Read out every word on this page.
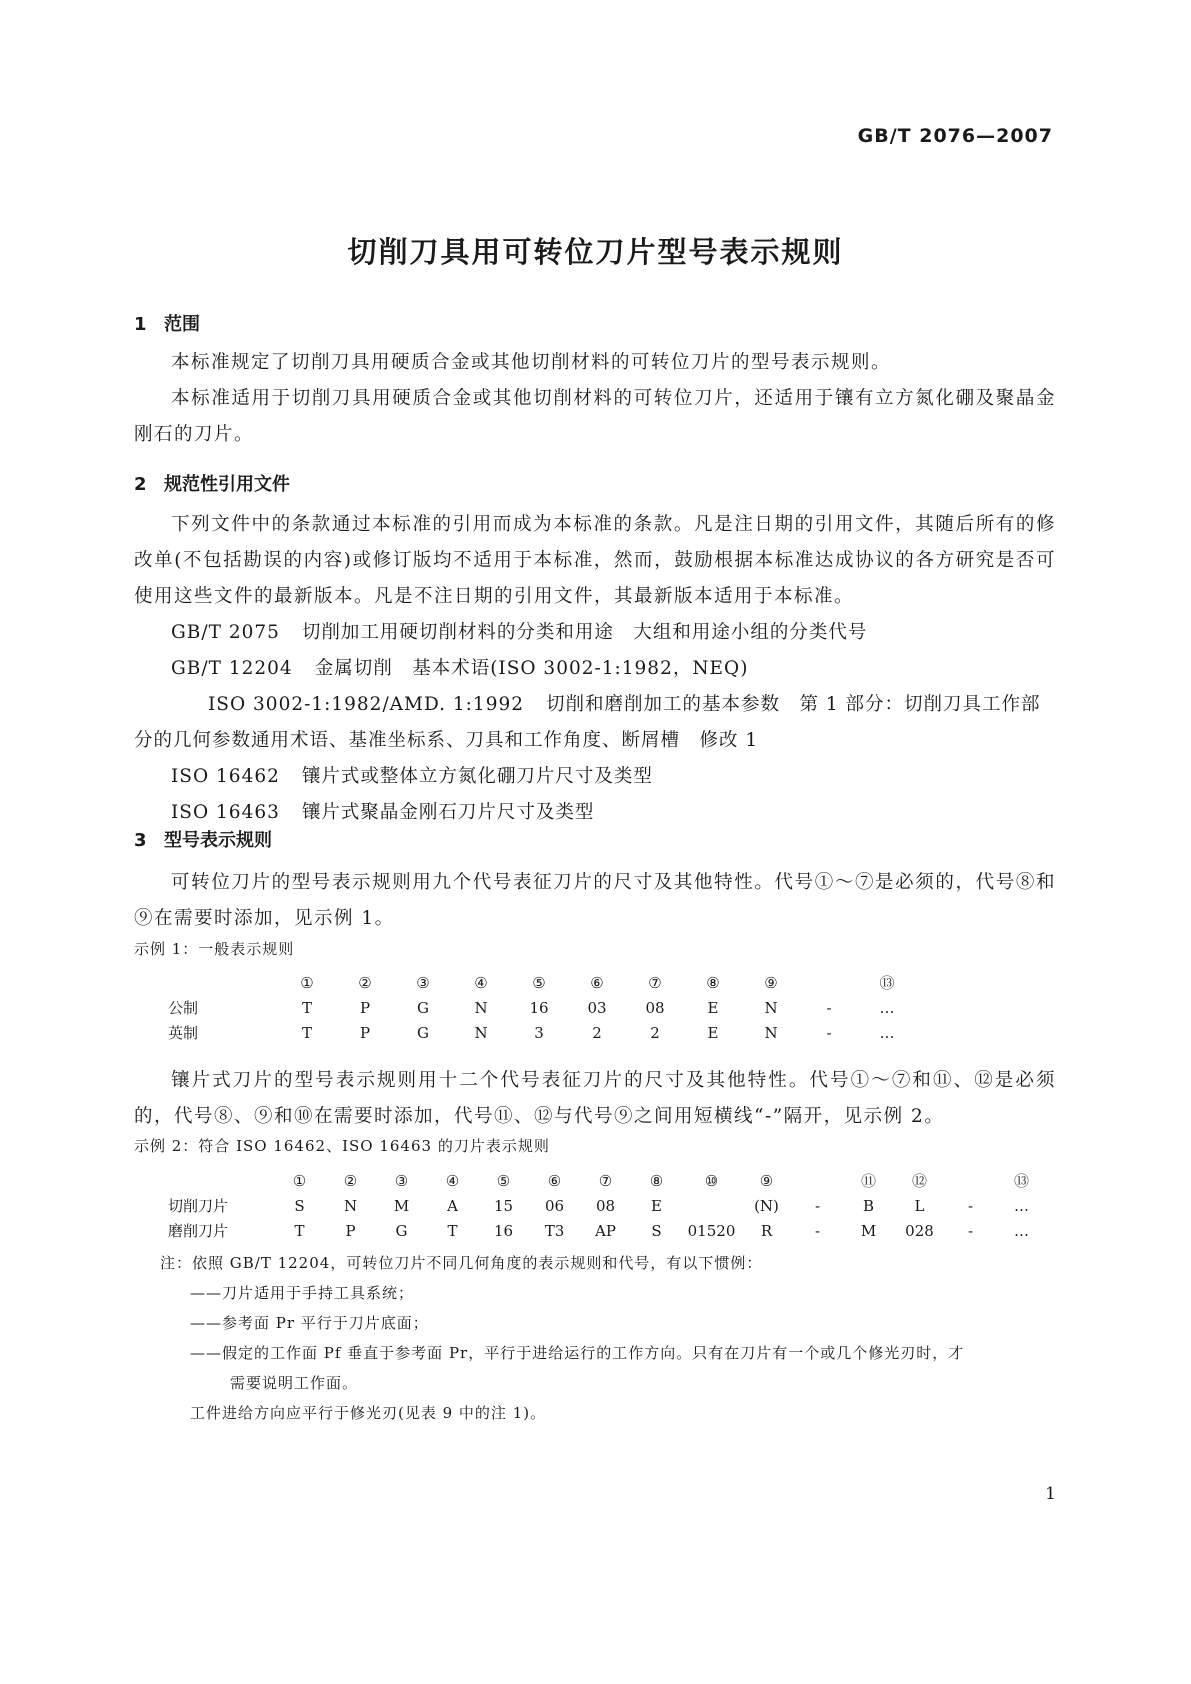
GB/T 2076—2007
切削刀具用可转位刀片型号表示规则
1 范围

本标准规定了切削刀具用硬质合金或其他切削材料的可转位刀片的型号表示规则。

本标准适用于切削刀具用硬质合金或其他切削材料的可转位刀片，还适用于镶有立方氮化硼及聚晶金刚石的刀片。

2 规范性引用文件

下列文件中的条款通过本标准的引用而成为本标准的条款。凡是注日期的引用文件，其随后所有的修改单(不包括勘误的内容)或修订版均不适用于本标准，然而，鼓励根据本标准达成协议的各方研究是否可使用这些文件的最新版本。凡是不注日期的引用文件，其最新版本适用于本标准。

GB/T 2075 切削加工用硬切削材料的分类和用途　大组和用途小组的分类代号

GB/T 12204 金属切削　基本术语(ISO 3002-1:1982，NEQ)

ISO 3002-1:1982/AMD. 1:1992 切削和磨削加工的基本参数　第 1 部分：切削刀具工作部分的几何参数通用术语、基准坐标系、刀具和工作角度、断屑槽　修改 1

ISO 16462 镶片式或整体立方氮化硼刀片尺寸及类型

ISO 16463 镶片式聚晶金刚石刀片尺寸及类型

3 型号表示规则

可转位刀片的型号表示规则用九个代号表征刀片的尺寸及其他特性。代号①～⑦是必须的，代号⑧和⑨在需要时添加，见示例 1。

示例 1：一般表示规则

	①	②	③	④	⑤	⑥	⑦	⑧	⑨		⑬
公制	T	P	G	N	16	03	08	E	N	-	…
英制	T	P	G	N	3	2	2	E	N	-	…

镶片式刀片的型号表示规则用十二个代号表征刀片的尺寸及其他特性。代号①～⑦和⑪、⑫是必须的，代号⑧、⑨和⑩在需要时添加，代号⑪、⑫与代号⑨之间用短横线“-”隔开，见示例 2。

示例 2：符合 ISO 16462、ISO 16463 的刀片表示规则

	①	②	③	④	⑤	⑥	⑦	⑧	⑩	⑨		⑪	⑫		⑬
切削刀片	S	N	M	A	15	06	08	E		(N)	-	B	L	-	…
磨削刀片	T	P	G	T	16	T3	AP	S	01520	R	-	M	028	-	…

注：依照 GB/T 12204，可转位刀片不同几何角度的表示规则和代号，有以下惯例：

——刀片适用于手持工具系统；

——参考面 Pr 平行于刀片底面；

——假定的工作面 Pf 垂直于参考面 Pr，平行于进给运行的工作方向。只有在刀片有一个或几个修光刃时，才

需要说明工作面。

工件进给方向应平行于修光刃(见表 9 中的注 1)。

1
